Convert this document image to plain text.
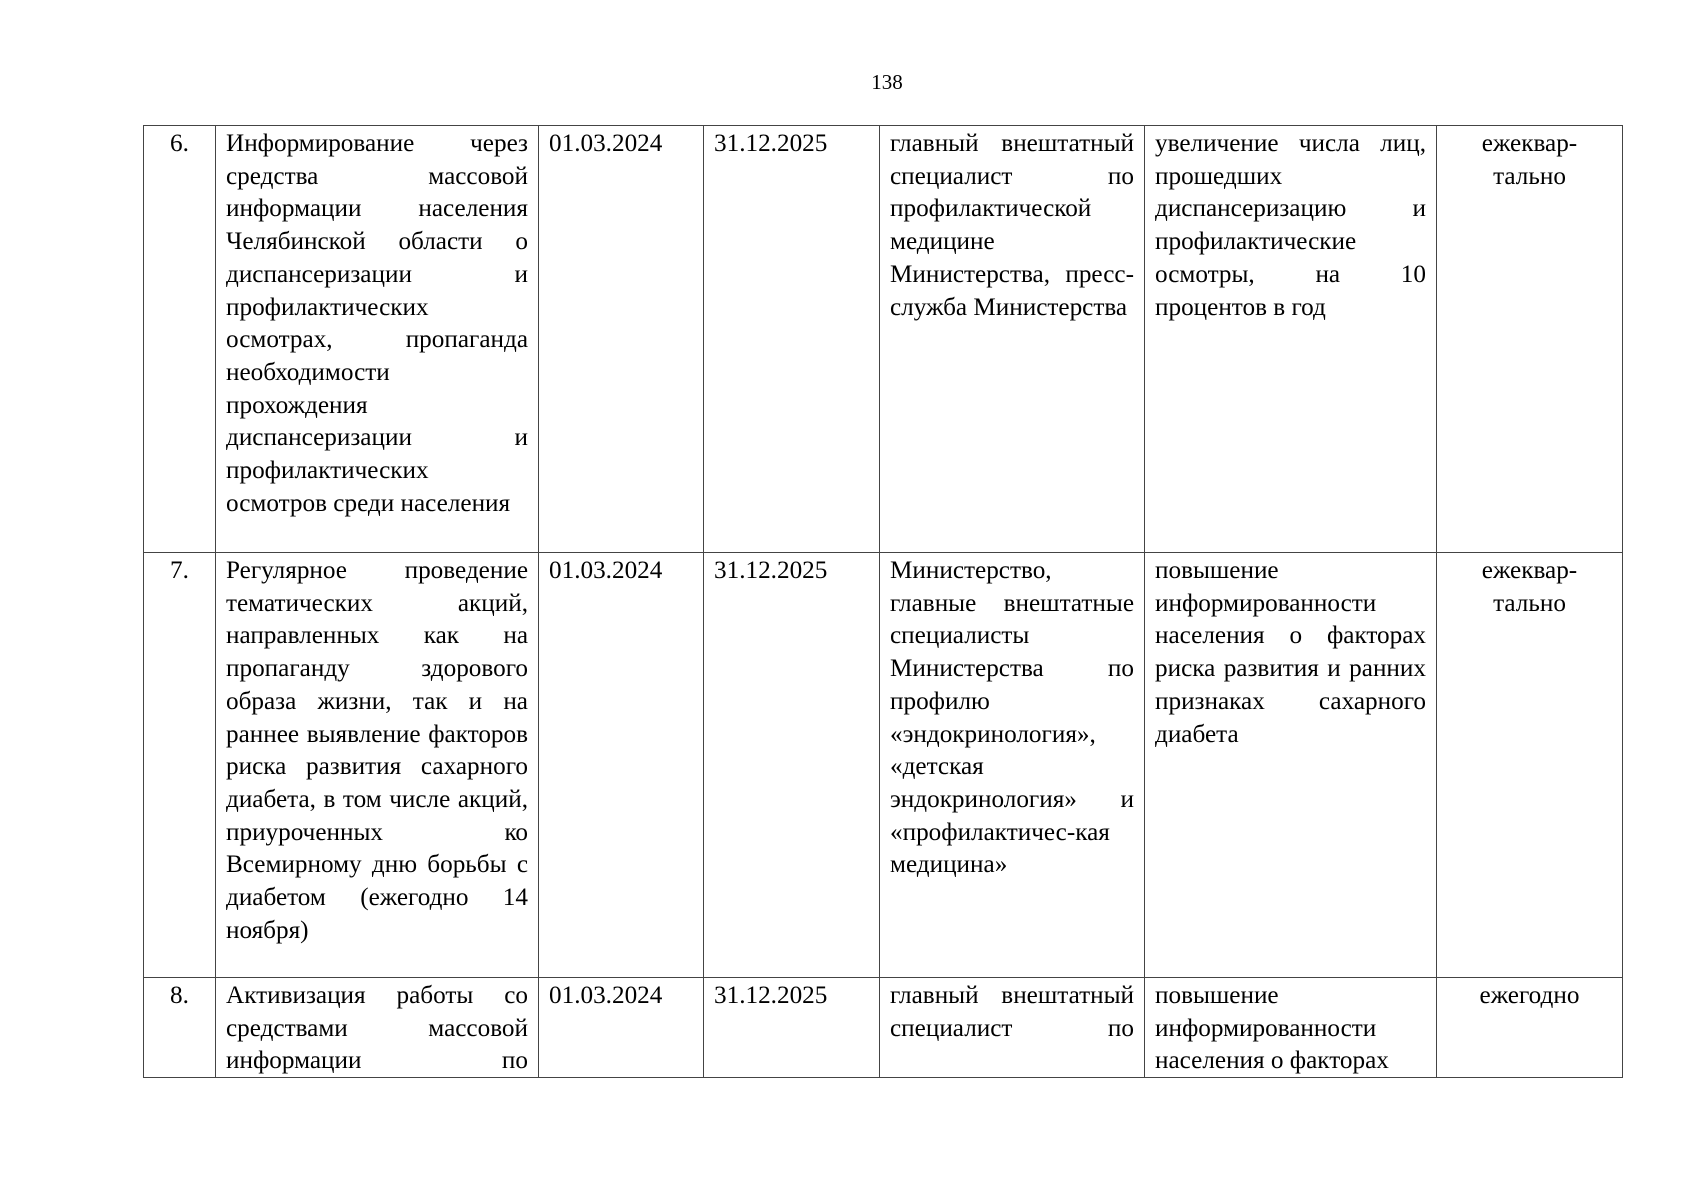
138
6.	Информирование через средства массовой информации населения Челябинской области о диспансеризации и профилактических осмотрах, пропаганда необходимости прохождения диспансеризации и профилактических осмотров среди населения	01.03.2024	31.12.2025	главный внештатный специалист по профилактической медицине Министерства, пресс-служба Министерства	увеличение числа лиц, прошедших диспансеризацию и профилактические осмотры, на 10 процентов в год	ежеквар-тально
7.	Регулярное проведение тематических акций, направленных как на пропаганду здорового образа жизни, так и на раннее выявление факторов риска развития сахарного диабета, в том числе акций, приуроченных ко Всемирному дню борьбы с диабетом (ежегодно 14 ноября)	01.03.2024	31.12.2025	Министерство, главные внештатные специалисты Министерства по профилю «эндокринология», «детская эндокринология» и «профилактичес-кая медицина»	повышение информированности населения о факторах риска развития и ранних признаках сахарного диабета	ежеквар-тально
8.	Активизация работы со средствами массовой информации по	01.03.2024	31.12.2025	главный внештатный специалист по	повышение информированности населения о факторах	ежегодно
